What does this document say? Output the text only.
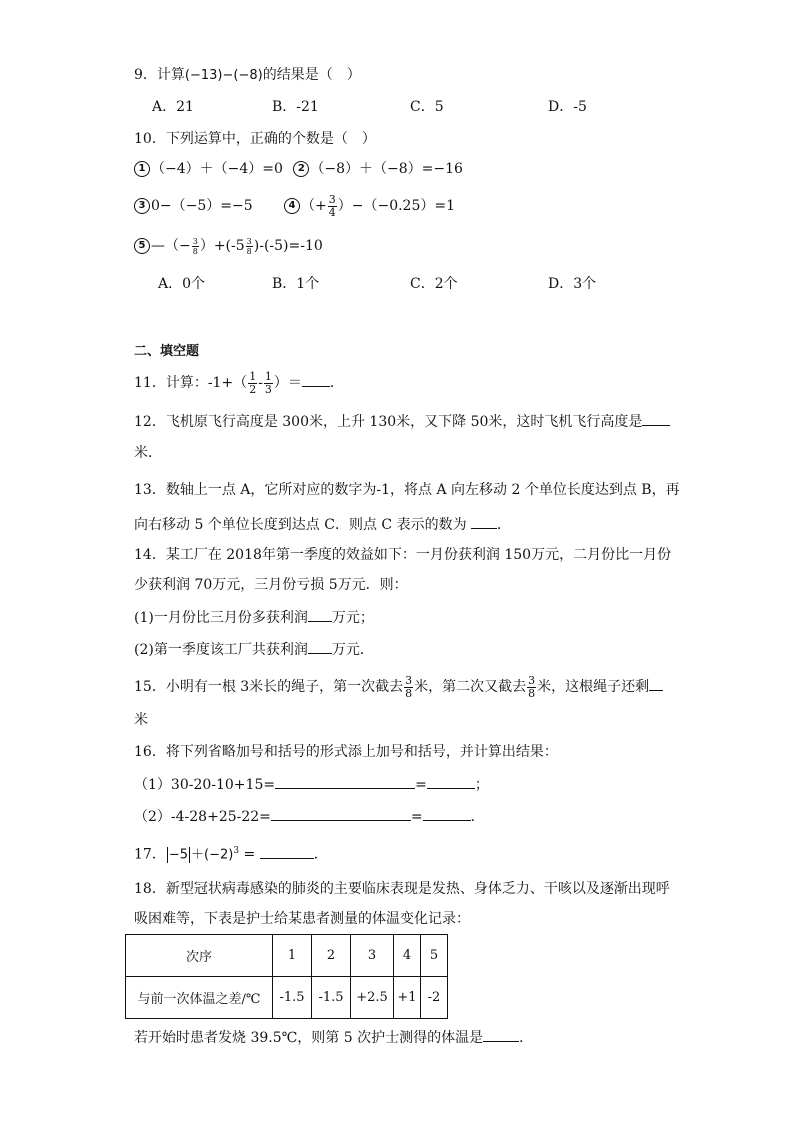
9．计算(−13)−(−8)的结果是（　）
A．21	B．-21	C．5	D．-5
10．下列运算中，正确的个数是（　）
1 （−4）＋（−4）=0 2 （−8）＋（−8）=−16
3 0−（−5）=−5	4 （+ $\frac{3}{4} )-(-0.25)=1$
5 —（− $\frac{3}{8} )+(-5 \frac{3}{8} )-(-5)=-10$
A．0个	B．1个	C．2个	D．3个
二、填空题
11．计算：$-1+( \frac{1}{2} - \frac{1}{3}$ ）＝ ．
12．飞机原飞行高度是 300米，上升 130米，又下降 50米，这时飞机飞行高度是
米．
13．数轴上一点 A，它所对应的数字为-1，将点 A 向左移动 2 个单位长度达到点 B，再
向右移动 5 个单位长度到达点 C．则点 C 表示的数为 ．
14．某工厂在 2018年第一季度的效益如下：一月份获利润 150万元，二月份比一月份
少获利润 70万元，三月份亏损 5万元．则：
(1)一月份比三月份多获利润 万元；
(2)第一季度该工厂共获利润 万元．
15．小明有一根 3米长的绳子，第一次截去 $\frac{3}{8}$ 米，第二次又截去 $\frac{3}{8}$ 米，这根绳子还剩
米
16．将下列省略加号和括号的形式添上加号和括号，并计算出结果：
（1）30-20-10+15=	=	；
（2）-4-28+25-22=	=	.
17． $-5 +(-2)^3$ =	．
18．新型冠状病毒感染的肺炎的主要临床表现是发热、身体乏力、干咳以及逐渐出现呼
吸困难等，下表是护士给某患者测量的体温变化记录：
次序	1	2	3	4	5
与前一次体温之差/℃	-1.5	-1.5	+2.5	+1	-2
若开始时患者发烧 39.5℃，则第 5 次护士测得的体温是	．
